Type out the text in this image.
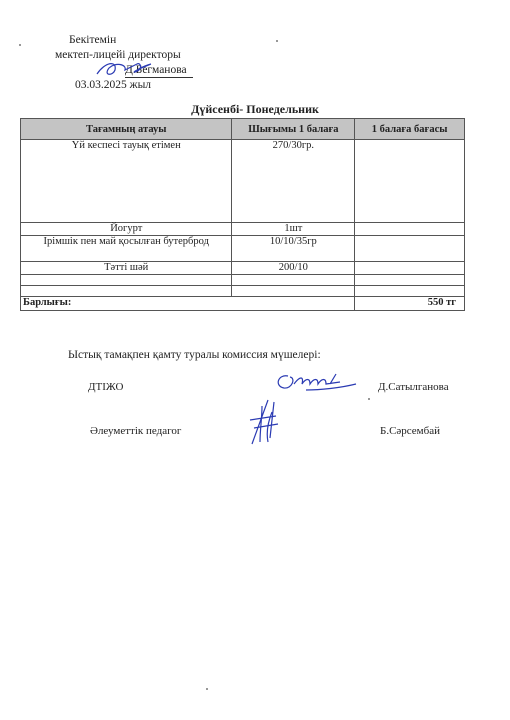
Бекітемін
мектеп-лицейі директоры
Д.Бегманова
03.03.2025 жыл
Дүйсенбі- Понедельник
Тағамның атауы	Шығымы 1 балаға	1 балаға бағасы
Үй кеспесі тауық етімен	270/30гр.	
Йогурт	1шт	
Ірімшік пен май қосылған бутерброд	10/10/35гр	
Тәтті шәй	200/10	

Барлығы:		550 тг
Ыстық тамақпен қамту туралы комиссия мүшелері:
ДТІЖО	Д.Сатылганова
Әлеуметтік педагог	Б.Сәрсембай
